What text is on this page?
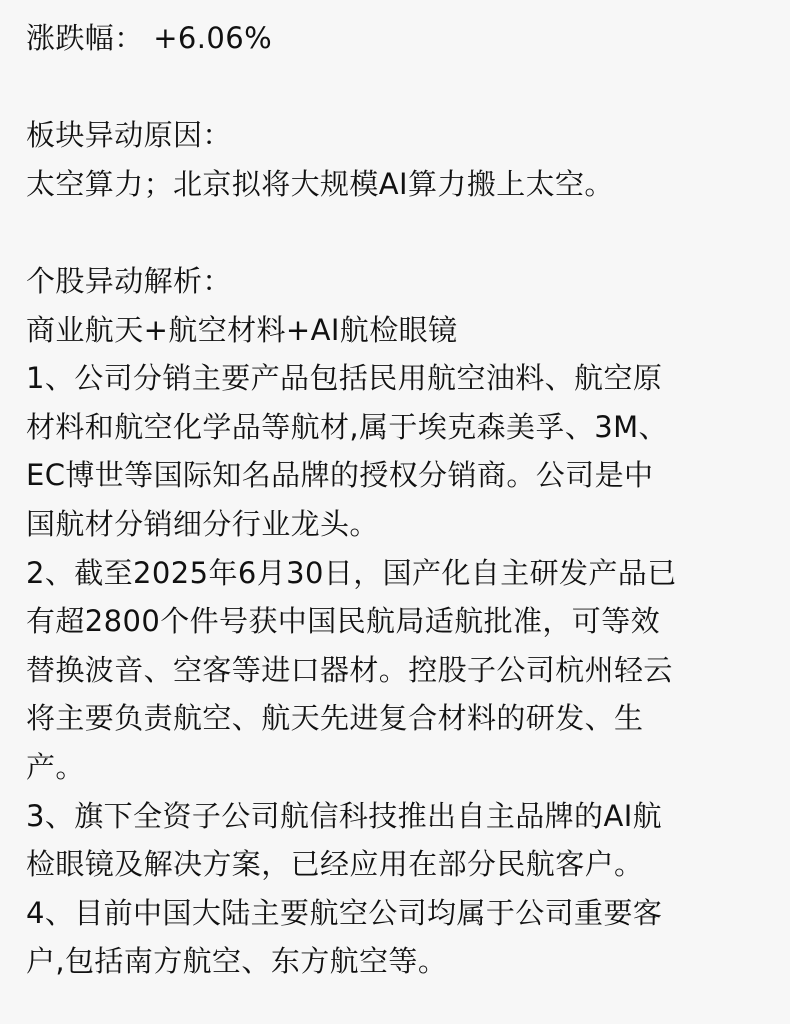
涨跌幅： +6.06%
板块异动原因：
太空算力；北京拟将大规模AI算力搬上太空。
个股异动解析：
商业航天+航空材料+AI航检眼镜
1、公司分销主要产品包括民用航空油料、航空原
材料和航空化学品等航材,属于埃克森美孚、3M、
EC博世等国际知名品牌的授权分销商。公司是中
国航材分销细分行业龙头。
2、截至2025年6月30日，国产化自主研发产品已
有超2800个件号获中国民航局适航批准，可等效
替换波音、空客等进口器材。控股子公司杭州轻云
将主要负责航空、航天先进复合材料的研发、生
产。
3、旗下全资子公司航信科技推出自主品牌的AI航
检眼镜及解决方案，已经应用在部分民航客户。
4、目前中国大陆主要航空公司均属于公司重要客
户,包括南方航空、东方航空等。
